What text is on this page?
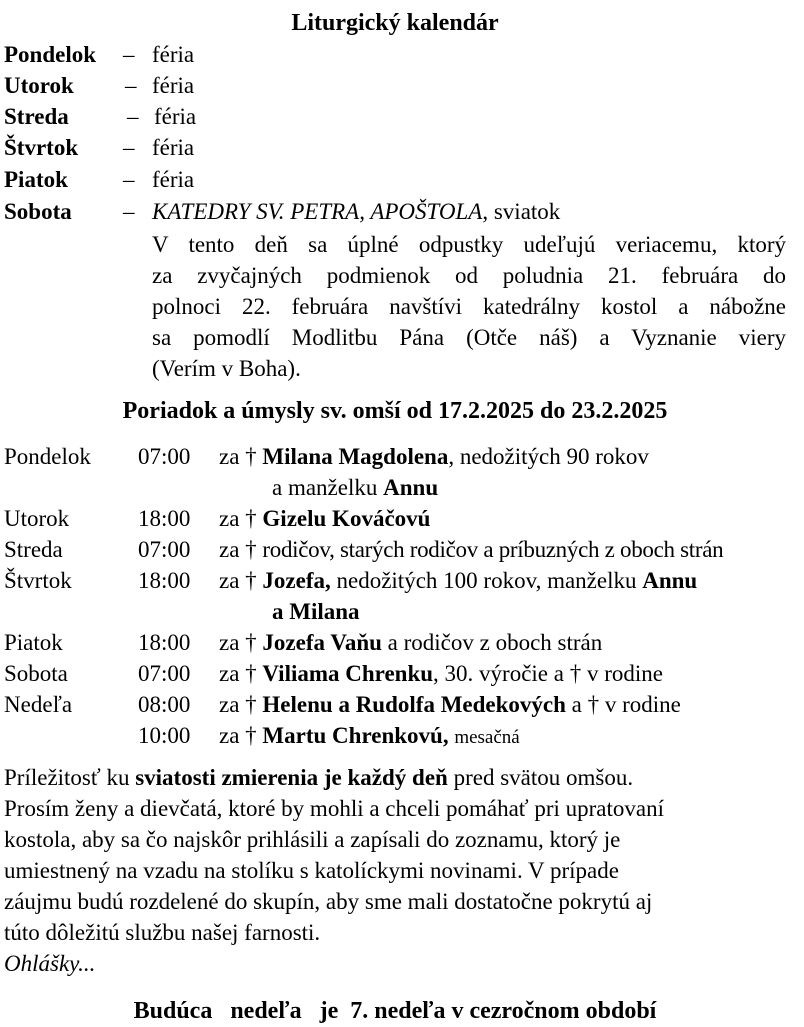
Liturgický kalendár
Pondelok – féria
Utorok – féria
Streda	– féria
Štvrtok – féria
Piatok – féria
Sobota – KATEDRY SV. PETRA, APOŠTOLA, sviatok
V tento deň sa úplné odpustky udeľujú veriacemu, ktorý
za zvyčajných podmienok od poludnia 21. februára do
polnoci 22. februára navštívi katedrálny kostol a nábožne
sa pomodlí Modlitbu Pána (Otče náš) a Vyznanie viery
(Verím v Boha).
Poriadok a úmysly sv. omší od 17.2.2025 do 23.2.2025
Pondelok 07:00 za † Milana Magdolena, nedožitých 90 rokov
a manželku Annu
Utorok	18:00 za † Gizelu Kováčovú
Streda	07:00 za † rodičov, starých rodičov a príbuzných z oboch strán
Štvrtok	18:00 za † Jozefa, nedožitých 100 rokov, manželku Annu
a Milana
Piatok	18:00 za † Jozefa Vaňu a rodičov z oboch strán
Sobota	07:00 za † Viliama Chrenku, 30. výročie a † v rodine
Nedeľa	08:00 za † Helenu a Rudolfa Medekových a † v rodine
10:00 za † Martu Chrenkovú, mesačná
Príležitosť ku sviatosti zmierenia je každý deň pred svätou omšou.
Prosím ženy a dievčatá, ktoré by mohli a chceli pomáhať pri upratovaní
kostola, aby sa čo najskôr prihlásili a zapísali do zoznamu, ktorý je
umiestnený na vzadu na stolíku s katolíckymi novinami. V prípade
záujmu budú rozdelené do skupín, aby sme mali dostatočne pokrytú aj
túto dôležitú službu našej farnosti.
Ohlášky...
Budúca   nedeľa   je  7. nedeľa v cezročnom období
